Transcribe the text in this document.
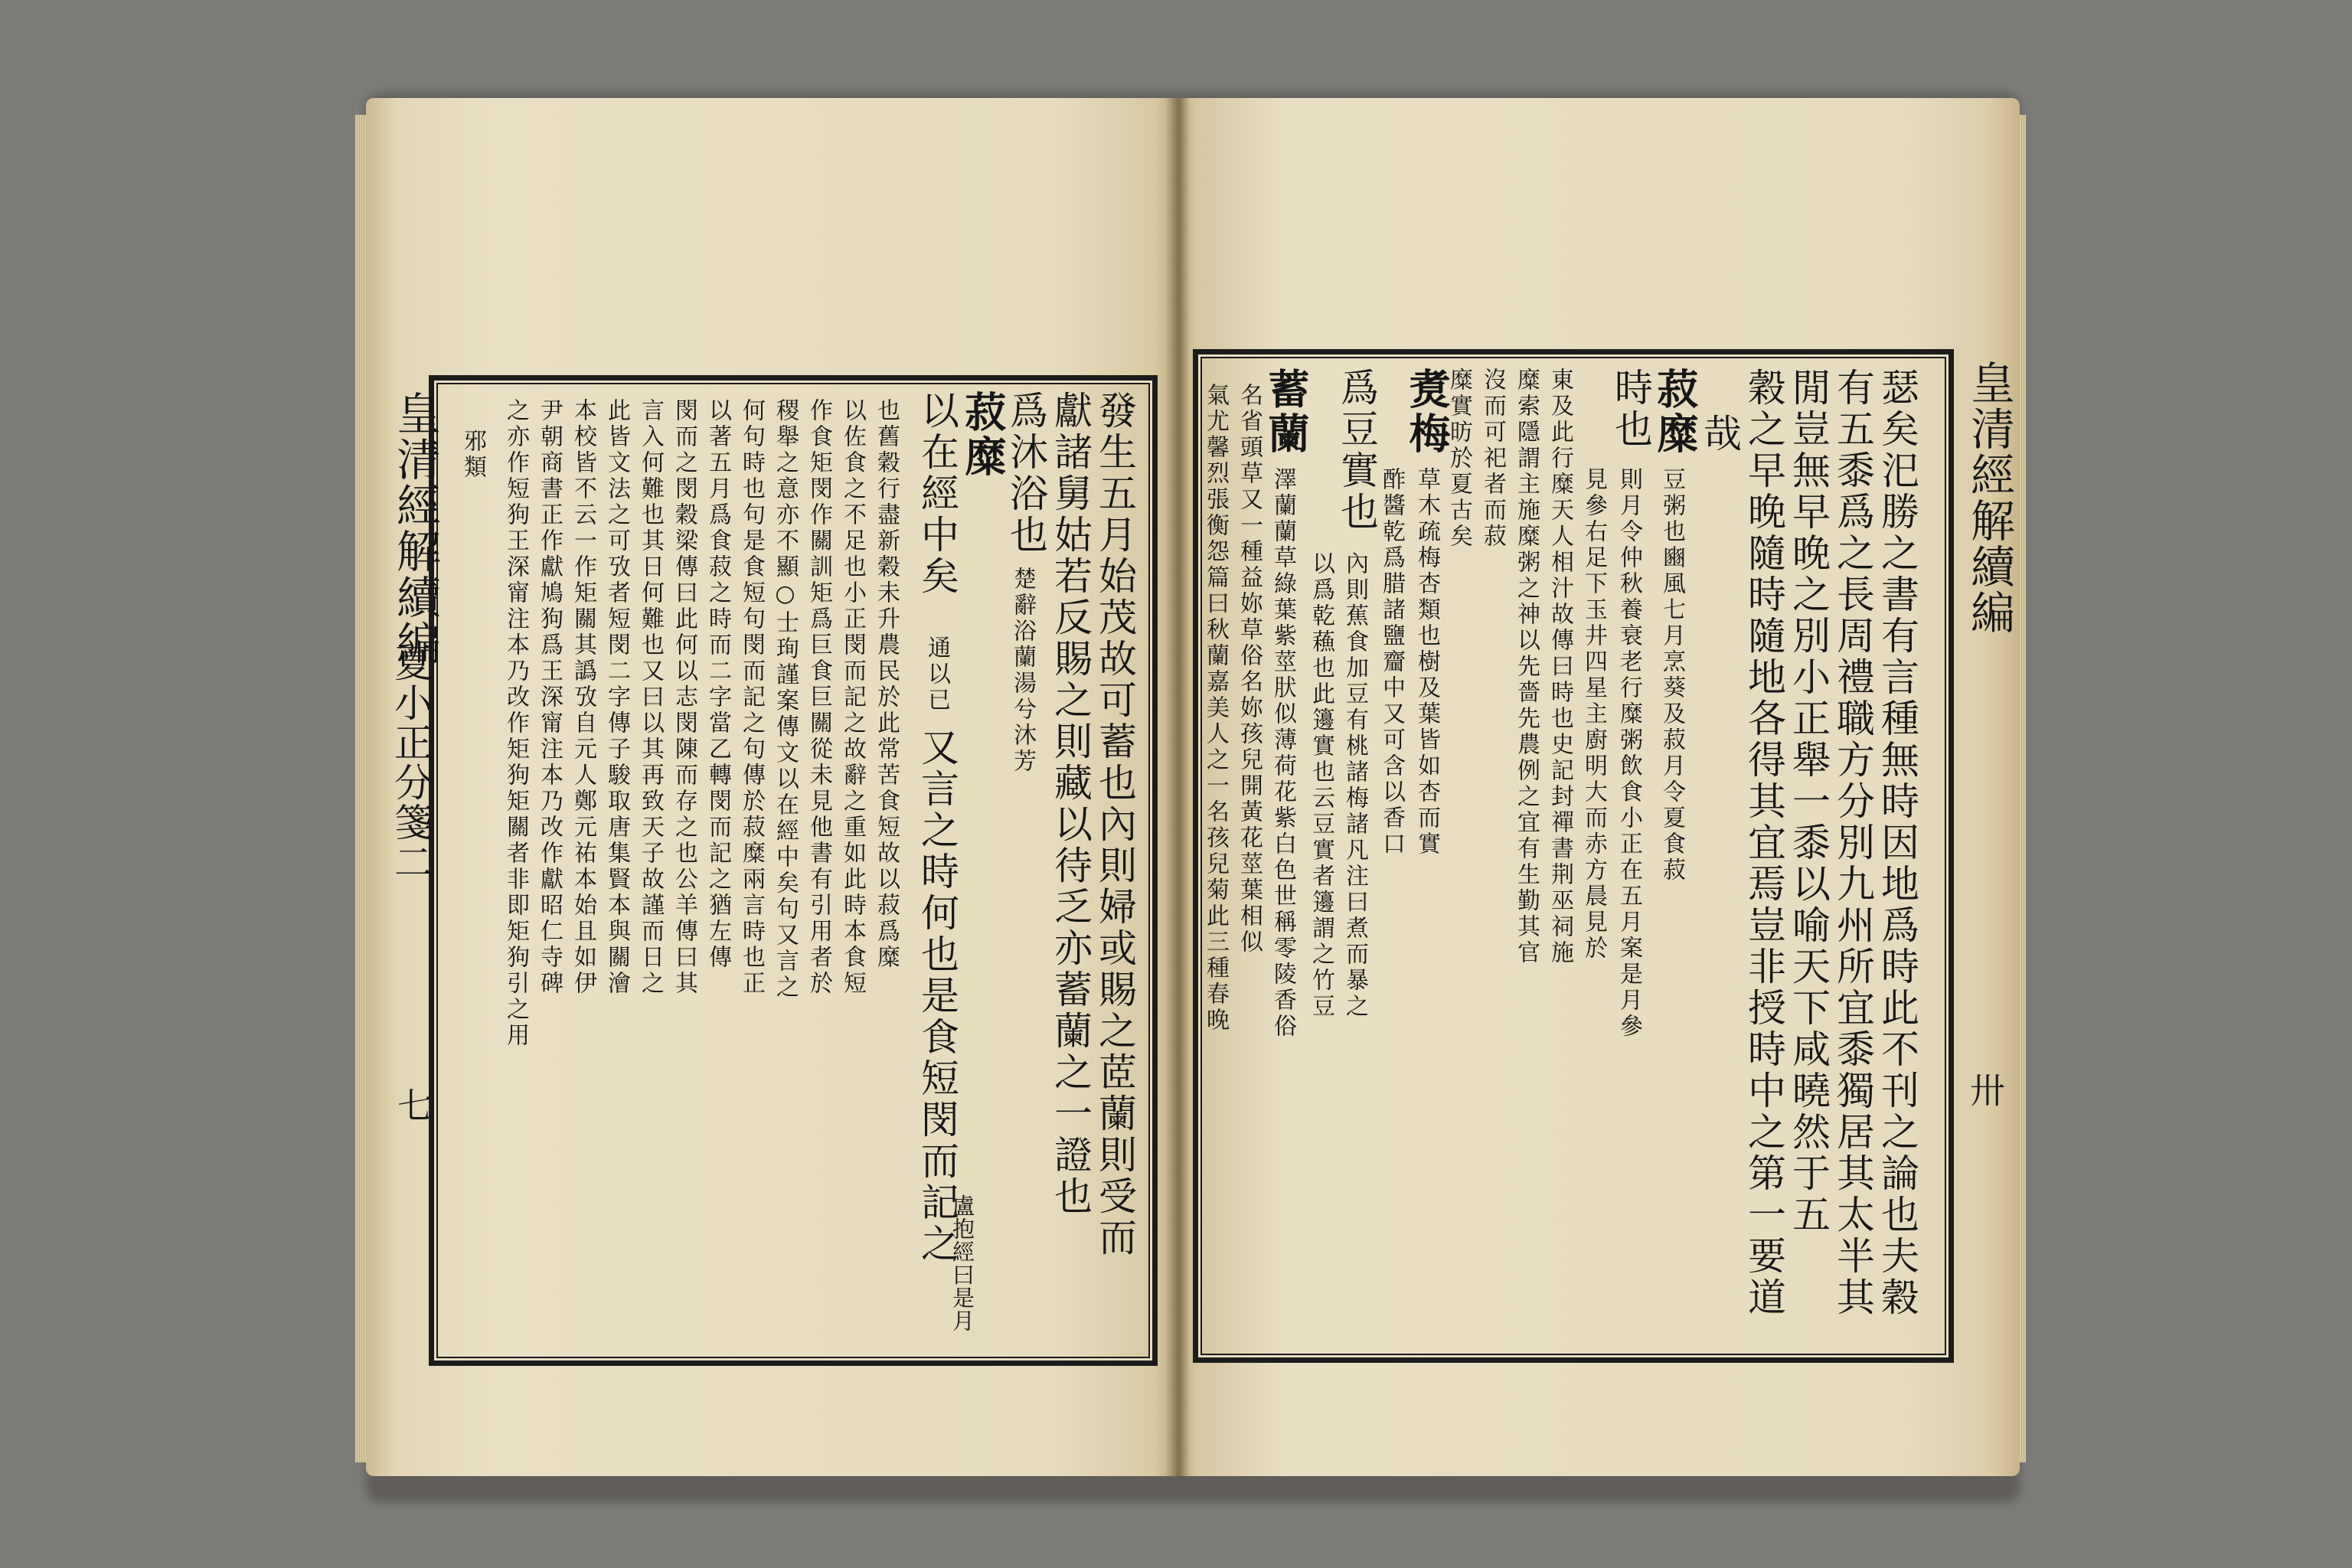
皇清經解續編
夏小正分箋二
七	發生五月始茂故可蓄也內則婦或賜之茝蘭則受而
獻諸舅姑若反賜之則藏以待乏亦蓄蘭之一證也
爲沐浴也
楚辭浴蘭湯兮沐芳
菽糜
以在經中矣
通以已
又言之時何也是食短閔而記之
盧抱經曰是月
也舊穀行盡新穀未升農民於此常苦食短故以菽爲糜
以佐食之不足也小正閔而記之故辭之重如此時本食短
作食矩閔作關訓矩爲巨食巨關從未見他書有引用者於
稷舉之意亦不顯○士珣謹案傳文以在經中矣句又言之
何句時也句是食短句閔而記之句傳於菽糜兩言時也正
以著五月爲食菽之時而二字當乙轉閔而記之猶左傳
閔而之閔穀梁傳曰此何以志閔陳而存之也公羊傳曰其
言入何難也其日何難也又曰以其再致天子故謹而日之
此皆文法之可攷者短閔二字傳子駿取唐集賢本與關澮
本校皆不云一作矩關其譌攷自元人鄭元祐本始且如伊
尹朝商書正作獻鳩狗爲王深甯注本乃改作獻昭仁寺碑
之亦作短狗王深甯注本乃改作矩狗矩關者非即矩狗引之用
邪類	皇清經解續編
卅
瑟矣汜勝之書有言種無時因地爲時此不刊之論也夫穀
有五黍爲之長周禮職方分別九州所宜黍獨居其太半其
閒豈無早晚之別小正舉一黍以喻天下咸曉然于五
穀之早晚隨時隨地各得其宜焉豈非授時中之第一要道
哉
菽糜
豆粥也豳風七月烹葵及菽月令夏食菽
時也
則月令仲秋養衰老行糜粥飲食小正在五月案是月參
見參右足下玉井四星主廚明大而赤方晨見於
東及此行糜天人相汁故傳曰時也史記封禪書荆巫祠施
糜索隱謂主施糜粥之神以先嗇先農例之宜有生勤其官
沒而可祀者而菽
糜實昉於夏古矣
煑梅
酢醬乾爲腊諸鹽齏中又可含以香口 草木疏梅杏類也樹及葉皆如杏而實
爲豆實也
內則蕉食加豆有桃諸梅諸凡注曰煮而暴之
以爲乾蘓也此籩實也云豆實者籩謂之竹豆
蓄蘭
澤蘭蘭草綠葉紫莖肰似薄荷花紫白色世稱零陵香俗
名省頭草又一種益妳草俗名妳孩兒開黃花莖葉相似
氣尤馨烈張衡怨篇曰秋蘭嘉美人之一名孩兒菊此三種春晚
